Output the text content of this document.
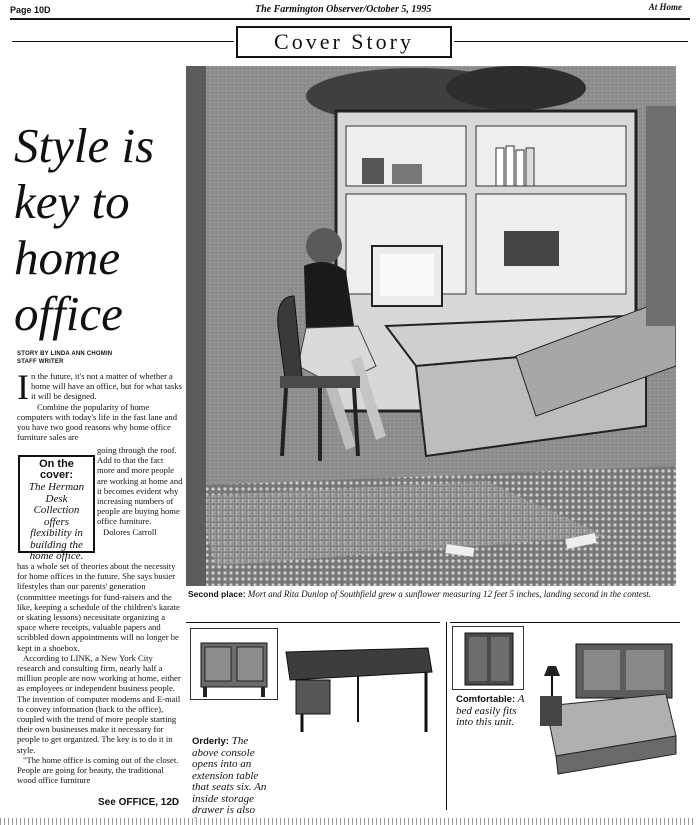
Page 10D	The Farmington Observer/October 5, 1995	At Home
Cover Story
Style is
key to
home
office
STORY BY LINDA ANN CHOMIN
STAFF WRITER
I n the future, it's not a matter of whether a home will have an office, but for what tasks it will be designed.

Combine the popularity of home computers with today's life in the fast lane and you have two good reasons why home office furniture sales are

On the cover:
The Herman Desk Collection offers flexibility in building the home office.
going through the roof. Add to that the fact more and more people are working at home and it becomes evident why increasing numbers of people are buying home office furniture.

Dolores Carroll

has a whole set of theories about the necessity for home offices in the future. She says busier lifestyles than our parents' generation (committee meetings for fund-raisers and the like, keeping a schedule of the children's karate or skating lessons) necessitate organizing a space where receipts, valuable papers and scribbled down appointments will no longer be kept in a shoebox.

According to LINK, a New York City research and consulting firm, nearly half a million people are now working at home, either as employees or independent business people. The invention of computer modems and E-mail to convey information (back to the office), coupled with the trend of more people starting their own businesses make it necessary for people to get organized. The key is to do it in style.

"The home office is coming out of the closet. People are going for beauty, the traditional wood office furniture

See OFFICE, 12D
Second place: Mort and Rita Dunlop of Southfield grew a sunflower measuring 12 feet 5 inches, landing second in the contest.
Orderly: The above console opens into an extension table that seats six. An inside storage drawer is also
Comfortable: A bed easily fits into this unit.
